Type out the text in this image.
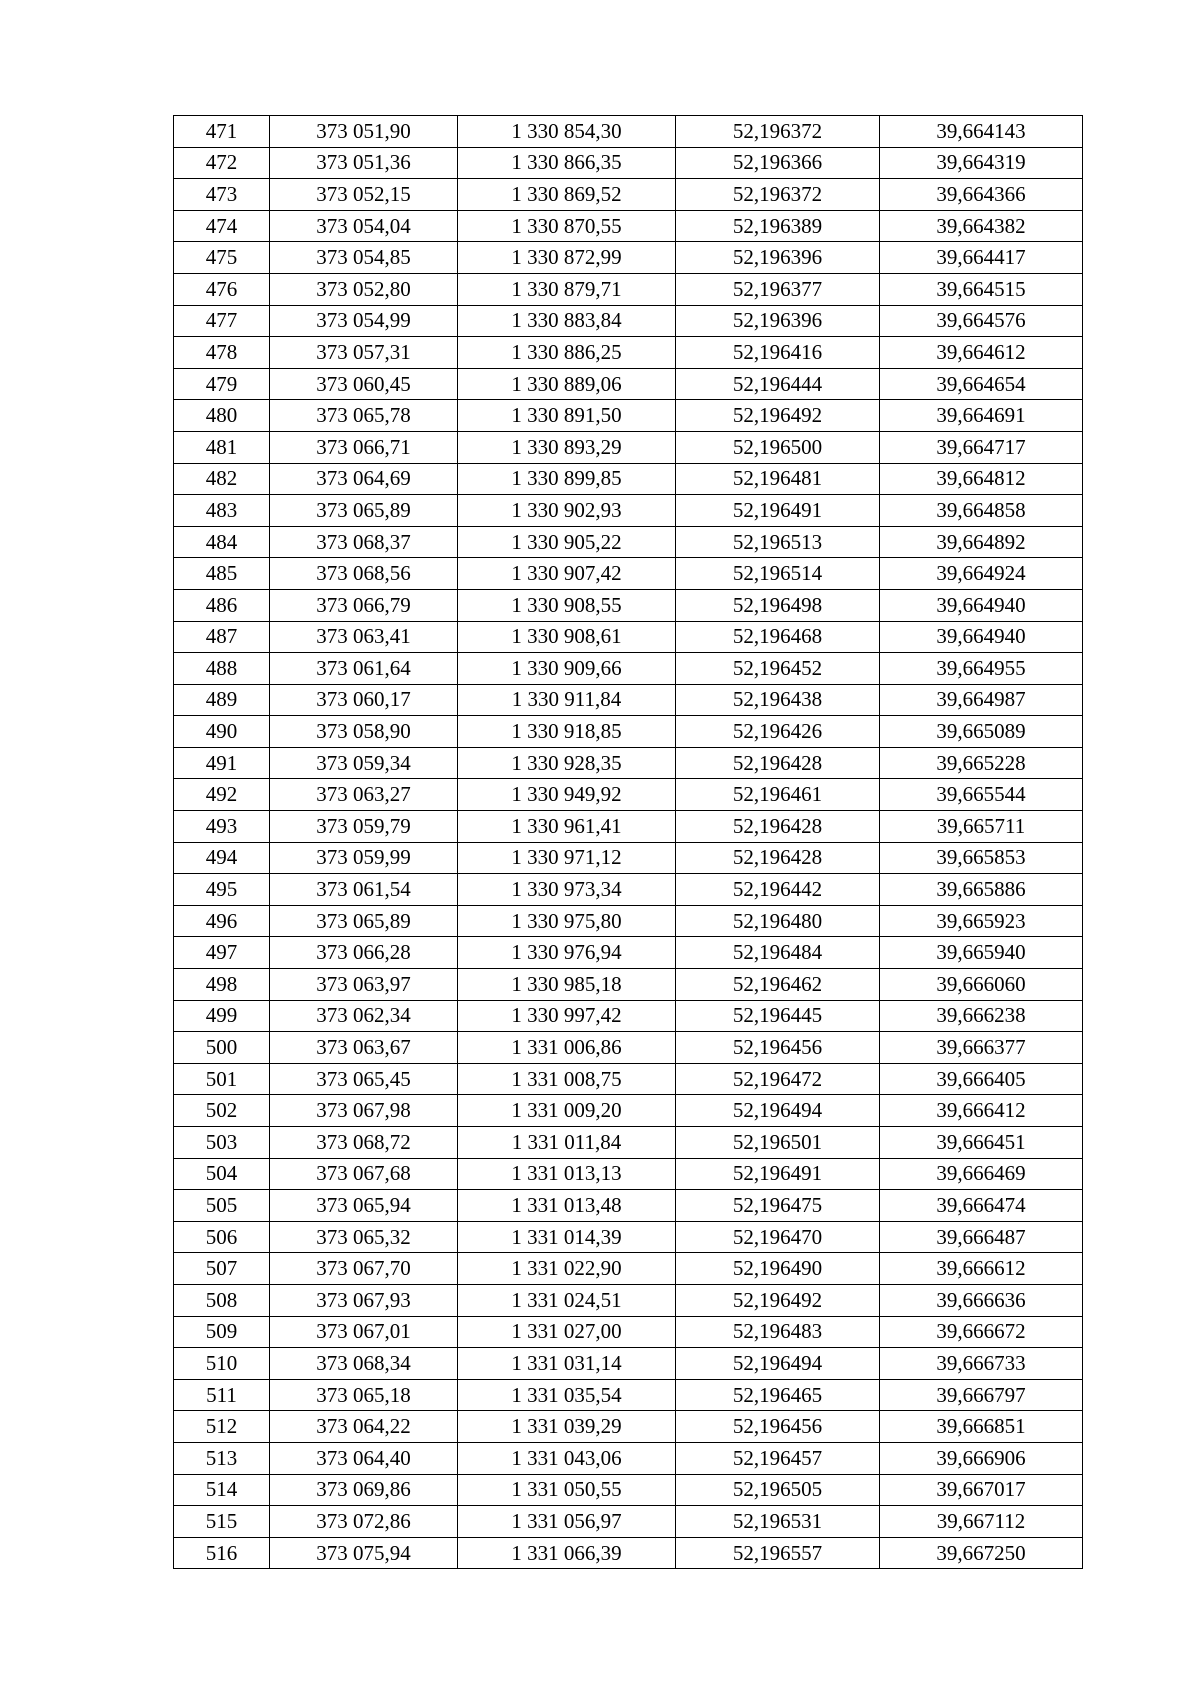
471	373 051,90	1 330 854,30	52,196372	39,664143
472	373 051,36	1 330 866,35	52,196366	39,664319
473	373 052,15	1 330 869,52	52,196372	39,664366
474	373 054,04	1 330 870,55	52,196389	39,664382
475	373 054,85	1 330 872,99	52,196396	39,664417
476	373 052,80	1 330 879,71	52,196377	39,664515
477	373 054,99	1 330 883,84	52,196396	39,664576
478	373 057,31	1 330 886,25	52,196416	39,664612
479	373 060,45	1 330 889,06	52,196444	39,664654
480	373 065,78	1 330 891,50	52,196492	39,664691
481	373 066,71	1 330 893,29	52,196500	39,664717
482	373 064,69	1 330 899,85	52,196481	39,664812
483	373 065,89	1 330 902,93	52,196491	39,664858
484	373 068,37	1 330 905,22	52,196513	39,664892
485	373 068,56	1 330 907,42	52,196514	39,664924
486	373 066,79	1 330 908,55	52,196498	39,664940
487	373 063,41	1 330 908,61	52,196468	39,664940
488	373 061,64	1 330 909,66	52,196452	39,664955
489	373 060,17	1 330 911,84	52,196438	39,664987
490	373 058,90	1 330 918,85	52,196426	39,665089
491	373 059,34	1 330 928,35	52,196428	39,665228
492	373 063,27	1 330 949,92	52,196461	39,665544
493	373 059,79	1 330 961,41	52,196428	39,665711
494	373 059,99	1 330 971,12	52,196428	39,665853
495	373 061,54	1 330 973,34	52,196442	39,665886
496	373 065,89	1 330 975,80	52,196480	39,665923
497	373 066,28	1 330 976,94	52,196484	39,665940
498	373 063,97	1 330 985,18	52,196462	39,666060
499	373 062,34	1 330 997,42	52,196445	39,666238
500	373 063,67	1 331 006,86	52,196456	39,666377
501	373 065,45	1 331 008,75	52,196472	39,666405
502	373 067,98	1 331 009,20	52,196494	39,666412
503	373 068,72	1 331 011,84	52,196501	39,666451
504	373 067,68	1 331 013,13	52,196491	39,666469
505	373 065,94	1 331 013,48	52,196475	39,666474
506	373 065,32	1 331 014,39	52,196470	39,666487
507	373 067,70	1 331 022,90	52,196490	39,666612
508	373 067,93	1 331 024,51	52,196492	39,666636
509	373 067,01	1 331 027,00	52,196483	39,666672
510	373 068,34	1 331 031,14	52,196494	39,666733
511	373 065,18	1 331 035,54	52,196465	39,666797
512	373 064,22	1 331 039,29	52,196456	39,666851
513	373 064,40	1 331 043,06	52,196457	39,666906
514	373 069,86	1 331 050,55	52,196505	39,667017
515	373 072,86	1 331 056,97	52,196531	39,667112
516	373 075,94	1 331 066,39	52,196557	39,667250
